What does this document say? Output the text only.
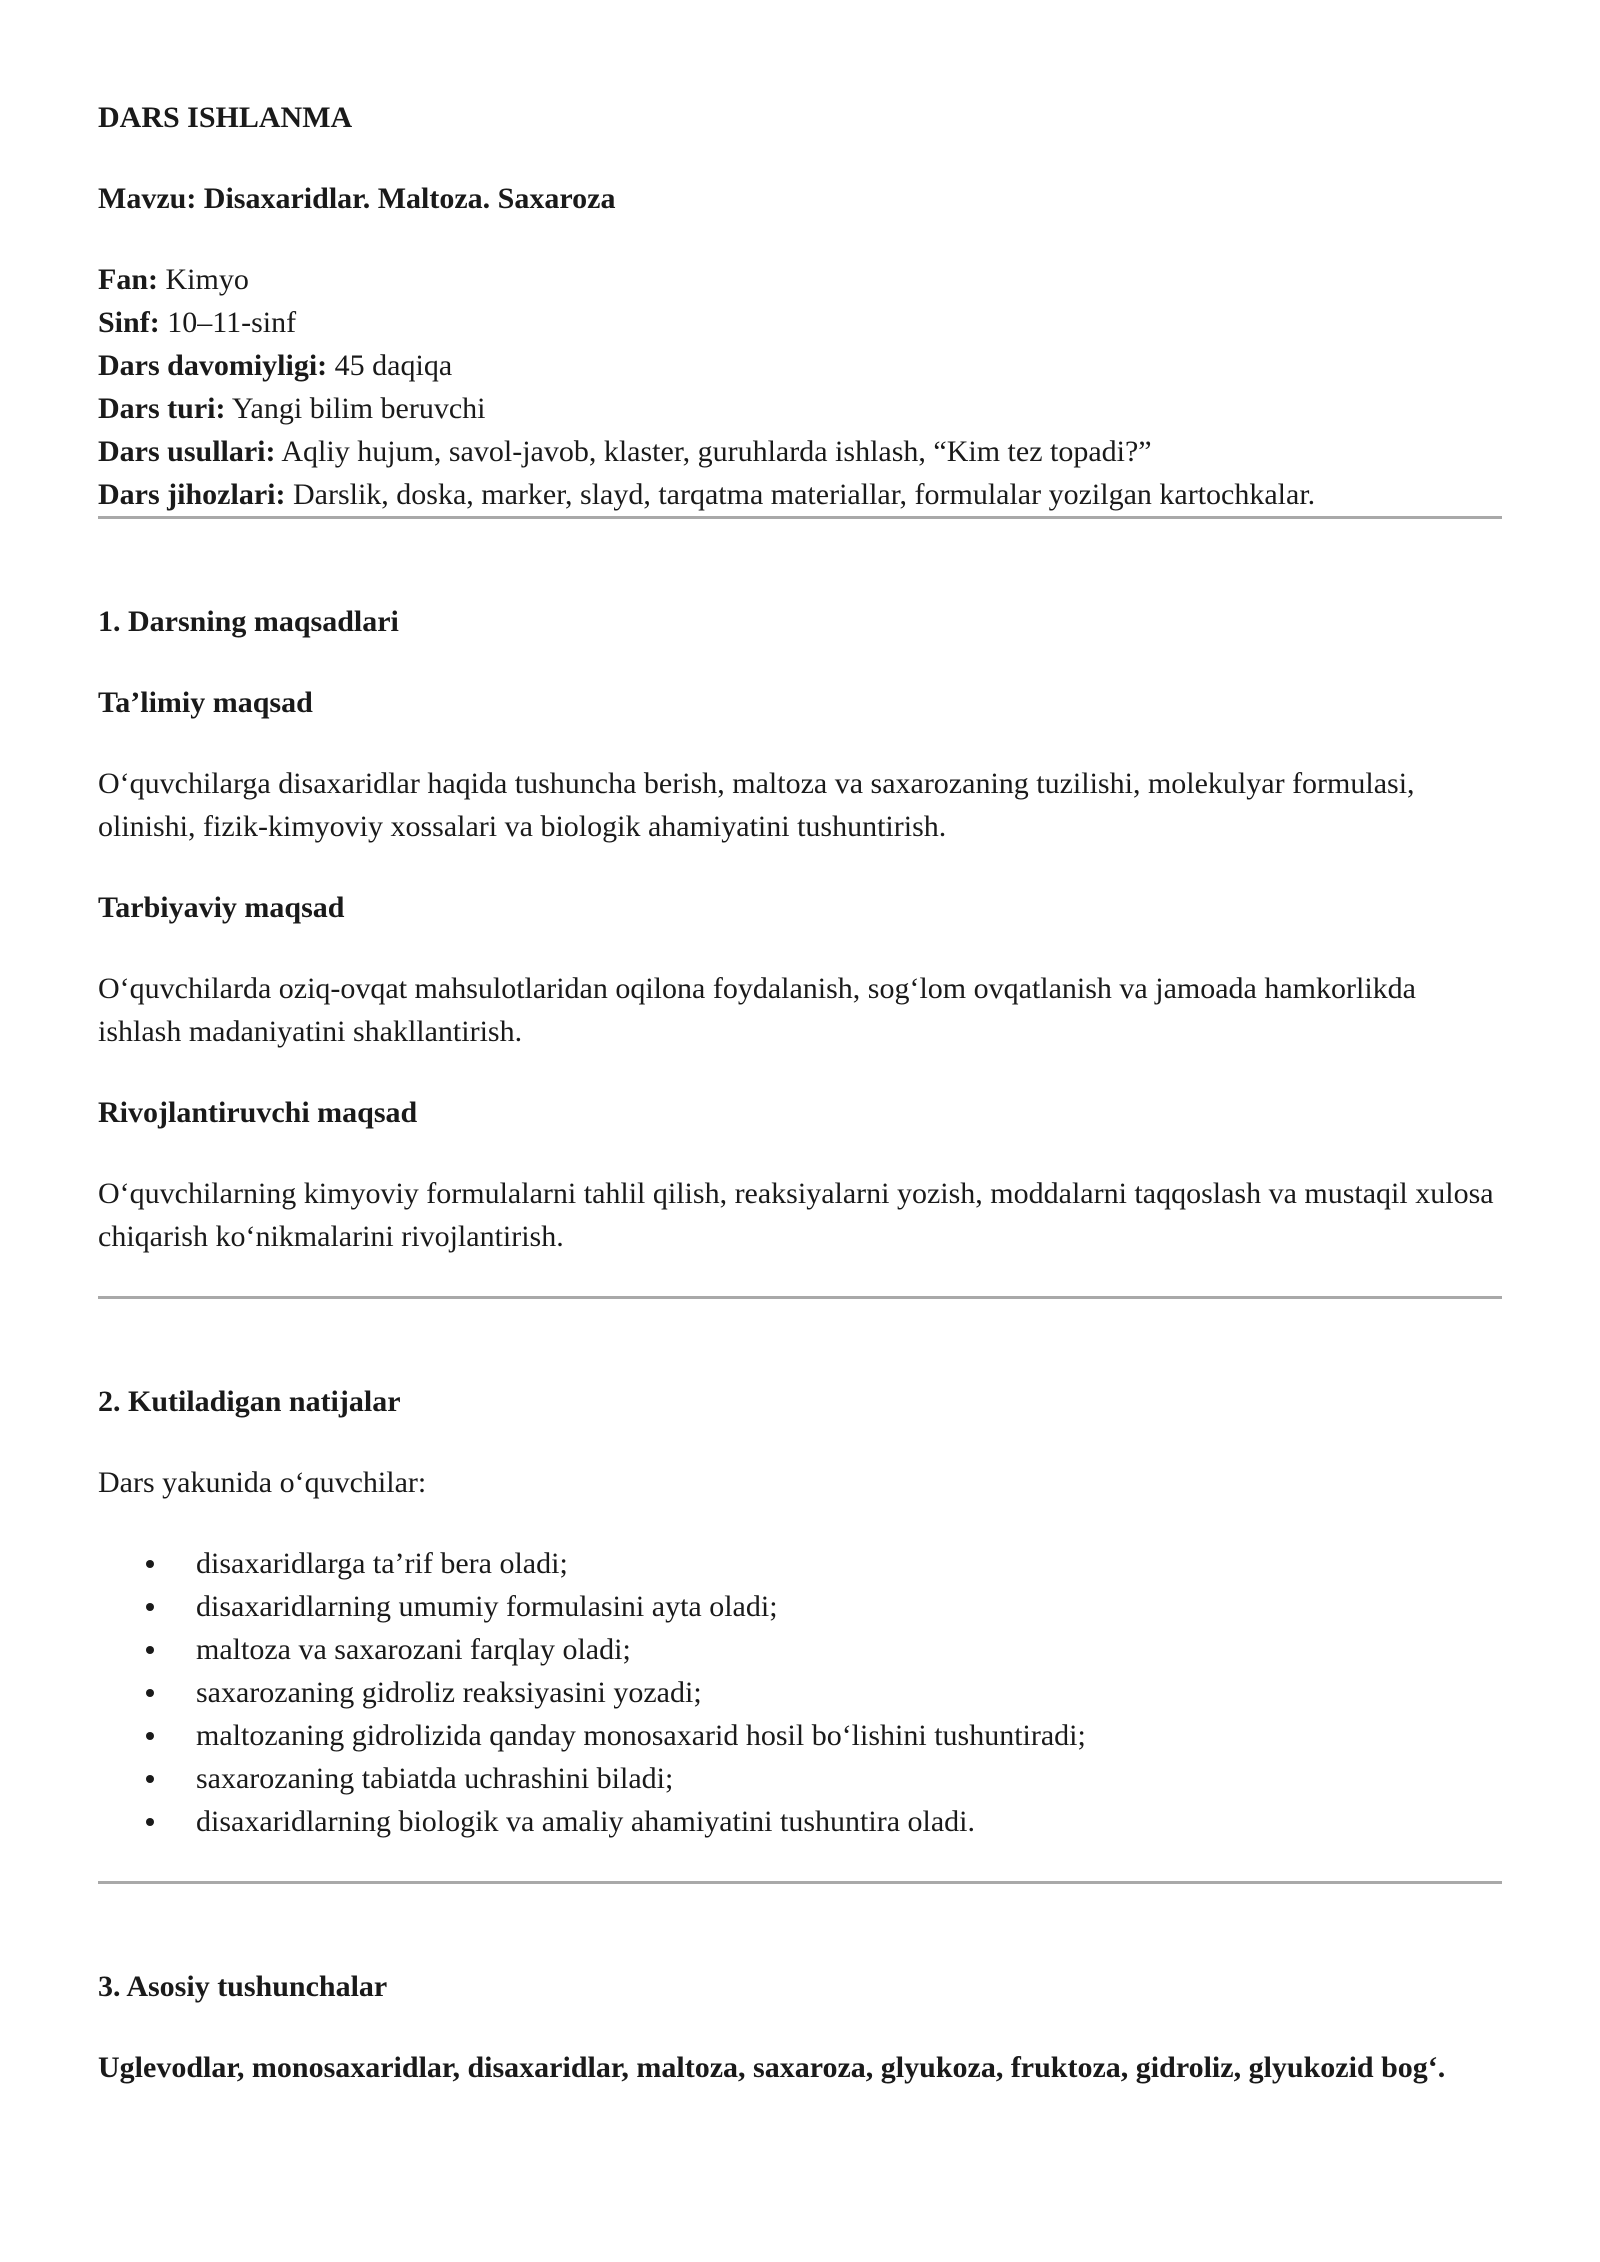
DARS ISHLANMA
Mavzu: Disaxaridlar. Maltoza. Saxaroza
Fan: Kimyo
Sinf: 10–11-sinf
Dars davomiyligi: 45 daqiqa
Dars turi: Yangi bilim beruvchi
Dars usullari: Aqliy hujum, savol-javob, klaster, guruhlarda ishlash, “Kim tez topadi?”
Dars jihozlari: Darslik, doska, marker, slayd, tarqatma materiallar, formulalar yozilgan kartochkalar.
1. Darsning maqsadlari
Ta’limiy maqsad
O‘quvchilarga disaxaridlar haqida tushuncha berish, maltoza va saxarozaning tuzilishi, molekulyar formulasi, olinishi, fizik-kimyoviy xossalari va biologik ahamiyatini tushuntirish.
Tarbiyaviy maqsad
O‘quvchilarda oziq-ovqat mahsulotlaridan oqilona foydalanish, sog‘lom ovqatlanish va jamoada hamkorlikda ishlash madaniyatini shakllantirish.
Rivojlantiruvchi maqsad
O‘quvchilarning kimyoviy formulalarni tahlil qilish, reaksiyalarni yozish, moddalarni taqqoslash va mustaqil xulosa chiqarish ko‘nikmalarini rivojlantirish.
2. Kutiladigan natijalar
Dars yakunida o‘quvchilar:
disaxaridlarga ta’rif bera oladi;
disaxaridlarning umumiy formulasini ayta oladi;
maltoza va saxarozani farqlay oladi;
saxarozaning gidroliz reaksiyasini yozadi;
maltozaning gidrolizida qanday monosaxarid hosil bo‘lishini tushuntiradi;
saxarozaning tabiatda uchrashini biladi;
disaxaridlarning biologik va amaliy ahamiyatini tushuntira oladi.
3. Asosiy tushunchalar
Uglevodlar, monosaxaridlar, disaxaridlar, maltoza, saxaroza, glyukoza, fruktoza, gidroliz, glyukozid bog‘.
